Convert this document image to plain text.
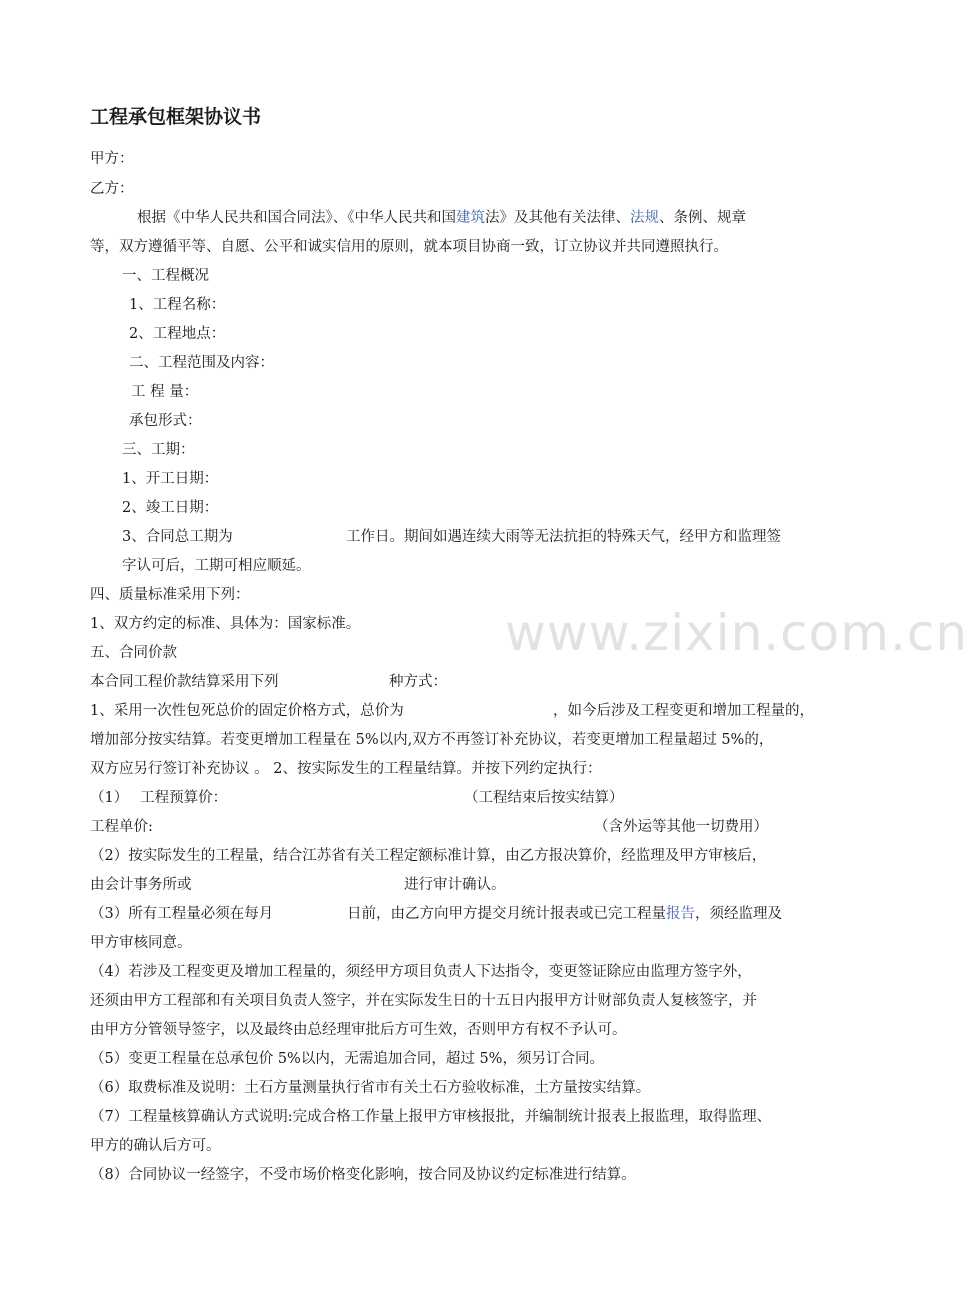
工程承包框架协议书
甲方：
乙方：
根据《中华人民共和国合同法》、《中华人民共和国建筑法》及其他有关法律、法规、条例、规章
等，双方遵循平等、自愿、公平和诚实信用的原则，就本项目协商一致，订立协议并共同遵照执行。
一、工程概况
1、工程名称：
2、工程地点：
二、工程范围及内容：
工 程 量：
承包形式：
三、工期：
1、开工日期：
2、竣工日期：
3、合同总工期为	工作日。期间如遇连续大雨等无法抗拒的特殊天气，经甲方和监理签
字认可后，工期可相应顺延。
四、质量标准采用下列：
1、双方约定的标准、具体为：国家标准。
五、合同价款
本合同工程价款结算采用下列	种方式：
1、采用一次性包死总价的固定价格方式，总价为	，如今后涉及工程变更和增加工程量的，
增加部分按实结算。若变更增加工程量在 5%以内,双方不再签订补充协议，若变更增加工程量超过 5%的，
双方应另行签订补充协议 。 2、按实际发生的工程量结算。并按下列约定执行：
（1）　 工程预算价：	（工程结束后按实结算）
工程单价:	（含外运等其他一切费用）
（2）按实际发生的工程量，结合江苏省有关工程定额标准计算，由乙方报决算价，经监理及甲方审核后，
由会计事务所或	进行审计确认。
（3）所有工程量必须在每月	日前，由乙方向甲方提交月统计报表或已完工程量报告，须经监理及
甲方审核同意。
（4）若涉及工程变更及增加工程量的，须经甲方项目负责人下达指令，变更签证除应由监理方签字外，
还须由甲方工程部和有关项目负责人签字，并在实际发生日的十五日内报甲方计财部负责人复核签字，并
由甲方分管领导签字，以及最终由总经理审批后方可生效，否则甲方有权不予认可。
（5）变更工程量在总承包价 5%以内，无需追加合同，超过 5%，须另订合同。
（6）取费标准及说明：土石方量测量执行省市有关土石方验收标准，土方量按实结算。
（7）工程量核算确认方式说明:完成合格工作量上报甲方审核报批，并编制统计报表上报监理，取得监理、
甲方的确认后方可。
（8）合同协议一经签字，不受市场价格变化影响，按合同及协议约定标准进行结算。
www.zixin.com.cn
